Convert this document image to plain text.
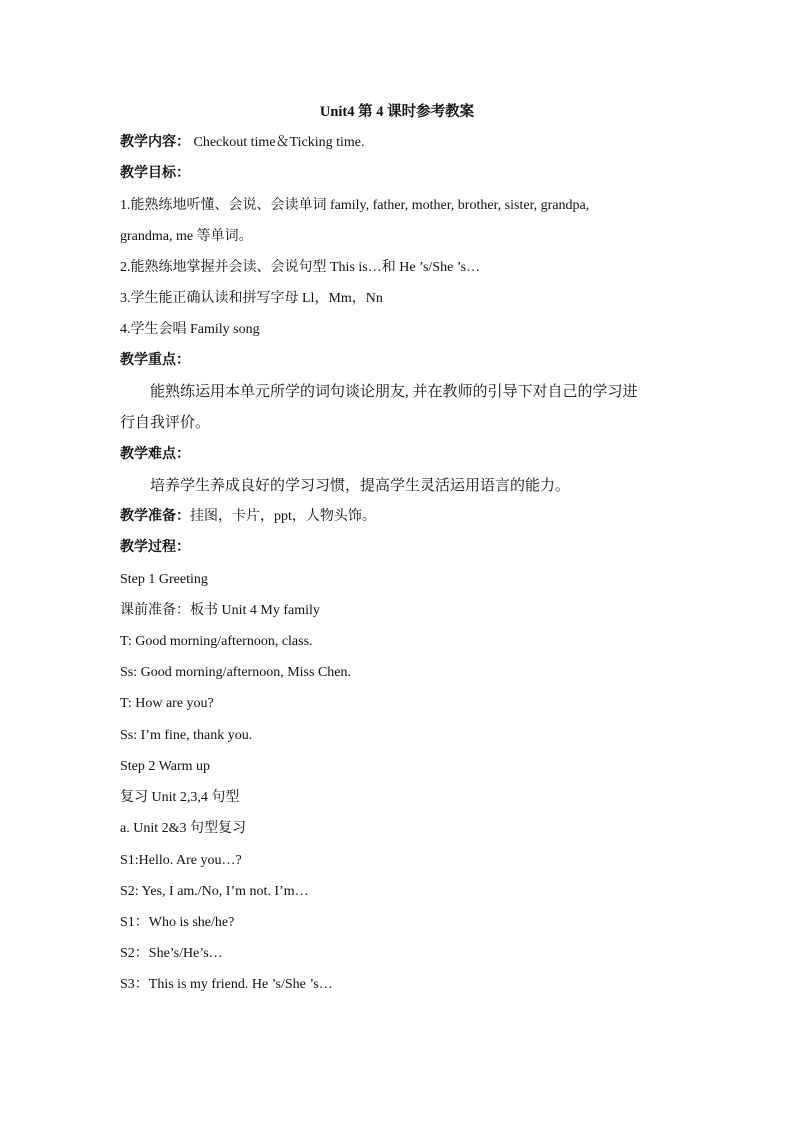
Unit4 第 4 课时参考教案
教学内容： Checkout time＆Ticking time.
教学目标：
1.能熟练地听懂、会说、会读单词 family, father, mother, brother, sister, grandpa,
grandma, me 等单词。
2.能熟练地掌握并会读、会说句型 This is…和 He ’s/She ’s…
3.学生能正确认读和拼写字母 Ll，Mm，Nn
4.学生会唱 Family song
教学重点：
能熟练运用本单元所学的词句谈论朋友, 并在教师的引导下对自己的学习进
行自我评价。
教学难点：
培养学生养成良好的学习习惯，提高学生灵活运用语言的能力。
教学准备：挂图，卡片，ppt，人物头饰。
教学过程：
Step 1 Greeting
课前准备：板书 Unit 4 My family
T: Good morning/afternoon, class.
Ss: Good morning/afternoon, Miss Chen.
T: How are you?
Ss: I’m fine, thank you.
Step 2 Warm up
复习 Unit 2,3,4 句型
a. Unit 2&3 句型复习
S1:Hello. Are you…?
S2: Yes, I am./No, I’m not. I’m…
S1：Who is she/he?
S2：She’s/He’s…
S3：This is my friend. He ’s/She ’s…
